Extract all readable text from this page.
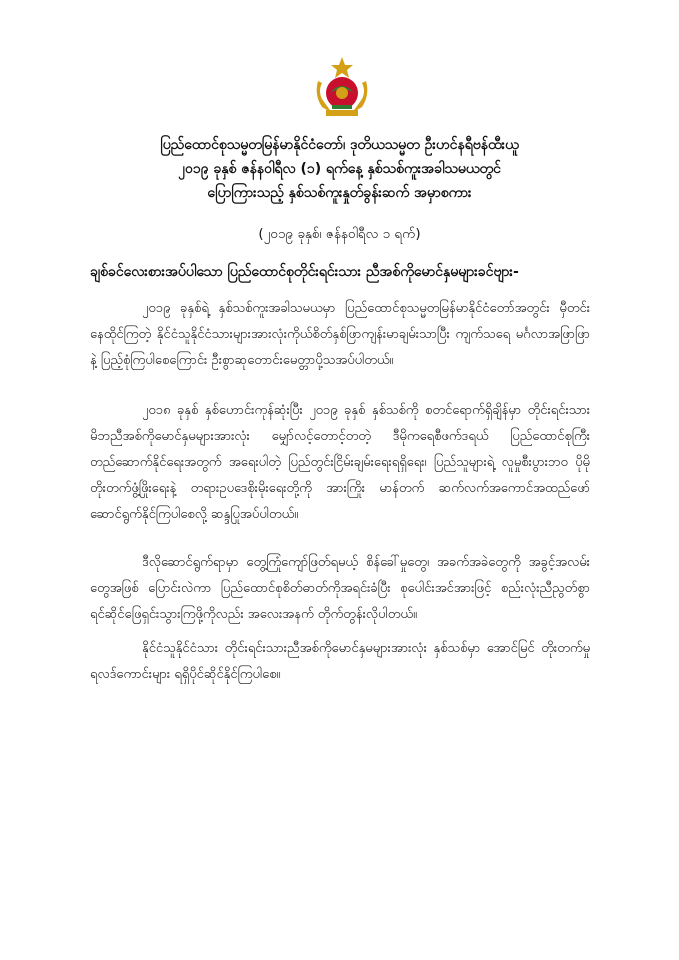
ပြည်ထောင်စုသမ္မတမြန်မာနိုင်ငံတော်၊ ဒုတိယသမ္မတ ဦးဟင်နရီဗန်ထီးယူ
၂၀၁၉ ခုနှစ် ဇန်နဝါရီလ (၁) ရက်နေ့ နှစ်သစ်ကူးအခါသမယတွင်
ပြောကြားသည့် နှစ်သစ်ကူးနှုတ်ခွန်းဆက် အမှာစကား
(၂၀၁၉ ခုနှစ်၊ ဇန်နဝါရီလ ၁ ရက်)
ချစ်ခင်လေးစားအပ်ပါသော ပြည်ထောင်စုတိုင်းရင်းသား ညီအစ်ကိုမောင်နှမများခင်ဗျား-

၂၀၁၉ ခုနှစ်ရဲ့ နှစ်သစ်ကူးအခါသမယမှာ ပြည်ထောင်စုသမ္မတမြန်မာနိုင်ငံတော်အတွင်း မှီတင်းနေထိုင်ကြတဲ့ နိုင်ငံသူနိုင်ငံသားများအားလုံးကိုယ်စိတ်နှစ်ဖြာကျန်းမာချမ်းသာပြီး ကျက်သရေ မင်္ဂလာအဖြာဖြာနဲ့ ပြည့်စုံကြပါစေကြောင်း ဦးစွာဆုတောင်းမေတ္တာပို့သအပ်ပါတယ်။

၂၀၁၈ ခုနှစ် နှစ်ဟောင်းကုန်ဆုံးပြီး ၂၀၁၉ ခုနှစ် နှစ်သစ်ကို စတင်ရောက်ရှိချိန်မှာ တိုင်းရင်းသားမိဘညီအစ်ကိုမောင်နှမများအားလုံး မျှော်လင့်တောင့်တတဲ့ ဒီမိုကရေစီဖက်ဒရယ် ပြည်ထောင်စုကြီး တည်ဆောက်နိုင်ရေးအတွက် အရေးပါတဲ့ ပြည်တွင်းငြိမ်းချမ်းရေးရရှိရေး၊ ပြည်သူများရဲ့ လူမှုစီးပွားဘဝ ပိုမိုတိုးတက်ဖွံ့ဖြိုးရေးနဲ့ တရားဥပဒေစိုးမိုးရေးတို့ကို အားကြိုး မာန်တက် ဆက်လက်အကောင်အထည်ဖော် ဆောင်ရွက်နိုင်ကြပါစေလို့ ဆန္ဒပြုအပ်ပါတယ်။

ဒီလိုဆောင်ရွက်ရာမှာ တွေ့ကြုံကျော်ဖြတ်ရမယ့် စိန်ခေါ်မှုတွေ၊ အခက်အခဲတွေကို အခွင့်အလမ်းတွေအဖြစ် ပြောင်းလဲကာ ပြည်ထောင်စုစိတ်ဓာတ်ကိုအရင်းခံပြီး စုပေါင်းအင်အားဖြင့် စည်းလုံးညီညွတ်စွာ ရင်ဆိုင်ဖြေရှင်းသွားကြဖို့ကိုလည်း အလေးအနက် တိုက်တွန်းလိုပါတယ်။

နိုင်ငံသူနိုင်ငံသား တိုင်းရင်းသားညီအစ်ကိုမောင်နှမများအားလုံး နှစ်သစ်မှာ အောင်မြင် တိုးတက်မှုရလဒ်ကောင်းများ ရရှိပိုင်ဆိုင်နိုင်ကြပါစေ။
